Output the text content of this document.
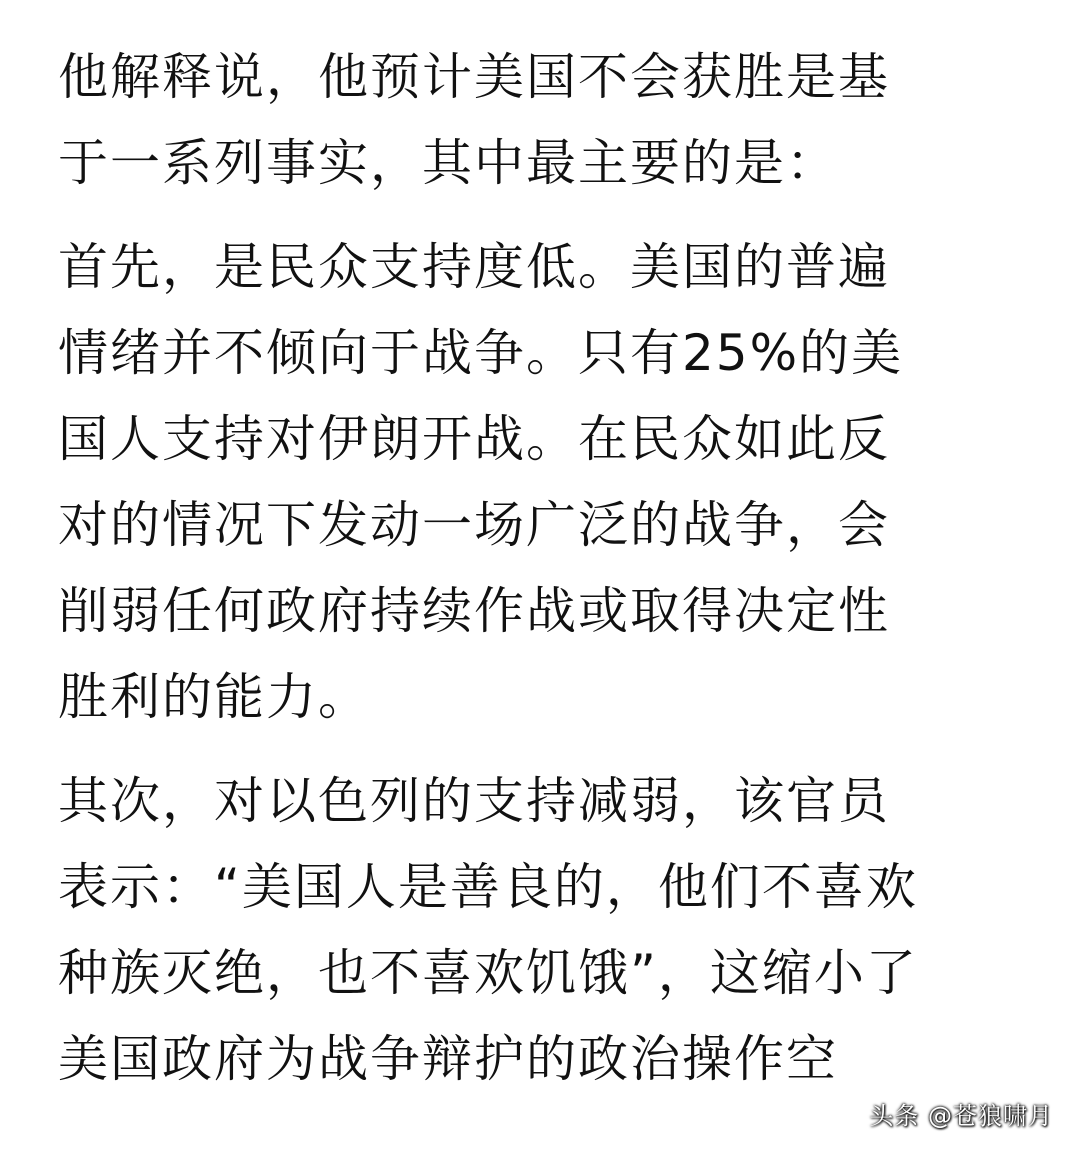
他解释说，他预计美国不会获胜是基
于一系列事实，其中最主要的是：

首先，是民众支持度低。美国的普遍
情绪并不倾向于战争。只有25%的美
国人支持对伊朗开战。在民众如此反
对的情况下发动一场广泛的战争，会
削弱任何政府持续作战或取得决定性
胜利的能力。

其次，对以色列的支持减弱，该官员
表示：“美国人是善良的，他们不喜欢
种族灭绝，也不喜欢饥饿”，这缩小了
美国政府为战争辩护的政治操作空

头条 @苍狼啸月
